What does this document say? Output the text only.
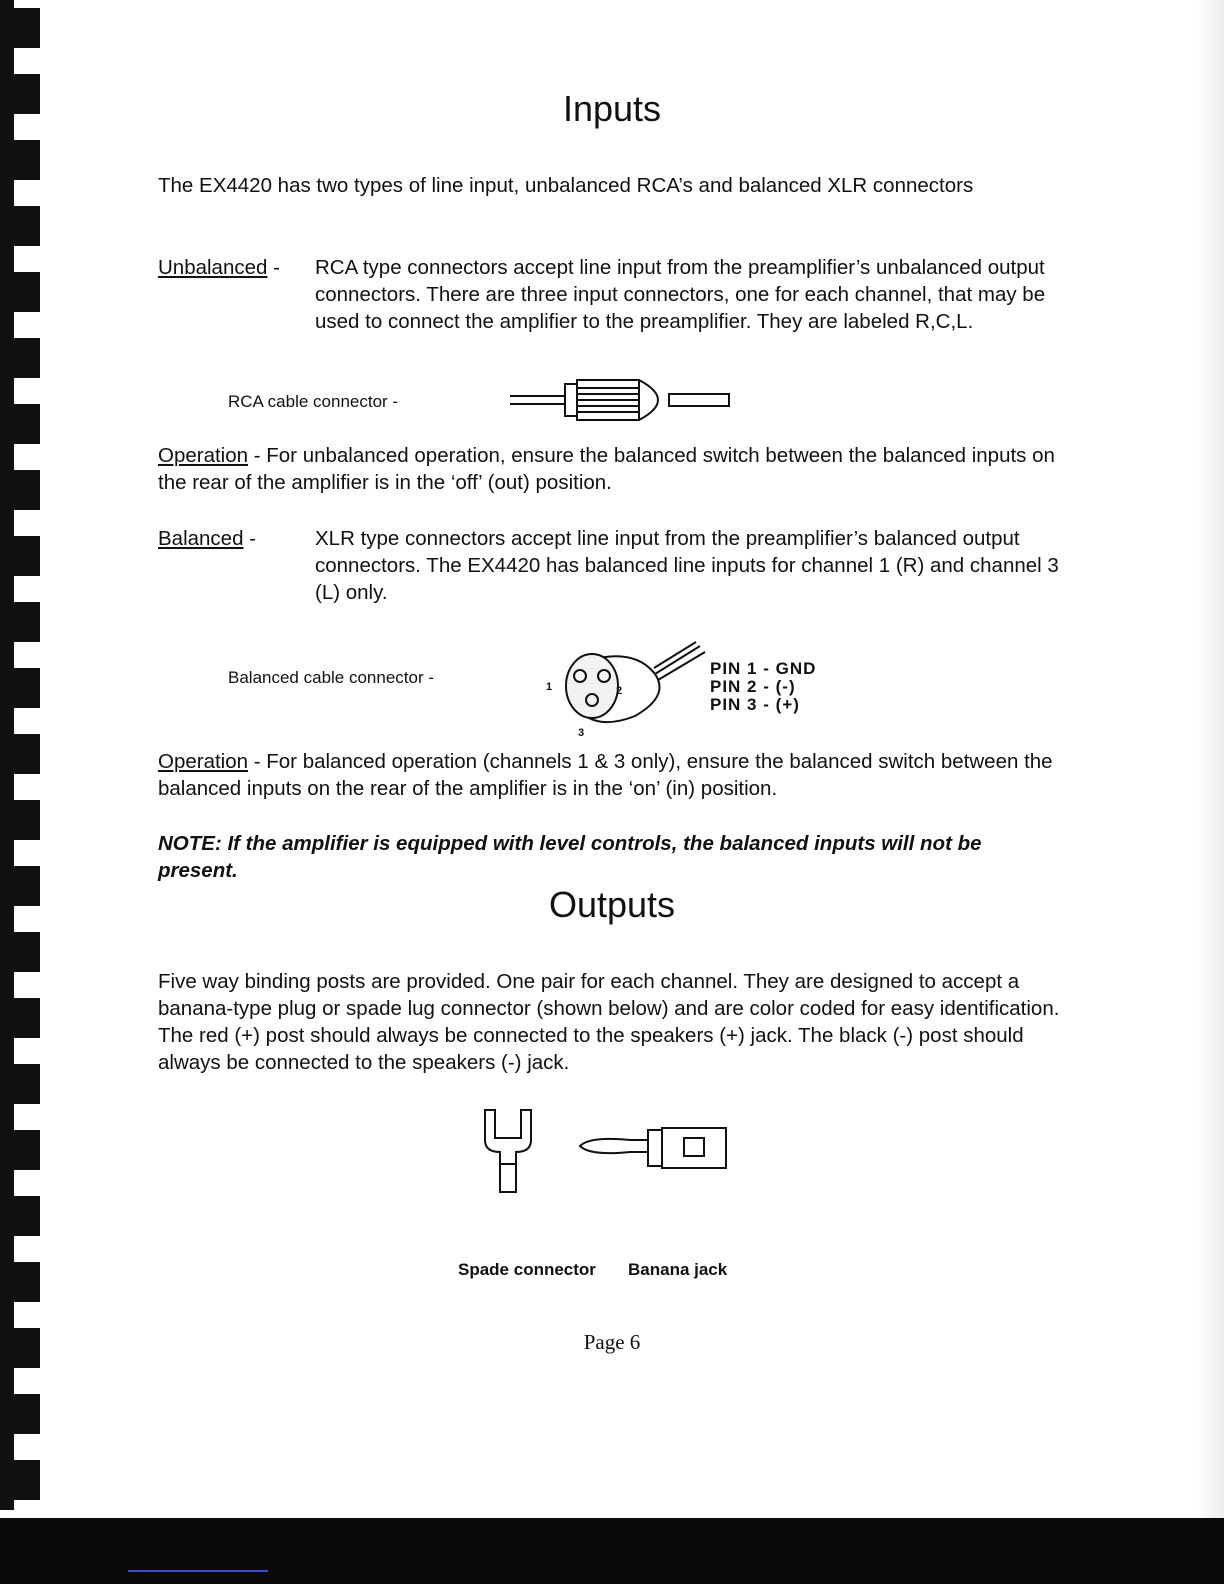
Inputs

The EX4420 has two types of line input, unbalanced RCA’s and balanced XLR connectors

Unbalanced - RCA type connectors accept line input from the preamplifier’s unbalanced output connectors. There are three input connectors, one for each channel, that may be used to connect the amplifier to the preamplifier. They are labeled R,C,L.

RCA cable connector -

Operation - For unbalanced operation, ensure the balanced switch between the balanced inputs on the rear of the amplifier is in the ‘off’ (out) position.

Balanced -	XLR type connectors accept line input from the preamplifier’s balanced output connectors. The EX4420 has balanced line inputs for channel 1 (R) and channel 3 (L) only.

Balanced cable connector -	1	2
3
PIN 1 - GND
PIN 2 - (-)
PIN 3 - (+)

Operation - For balanced operation (channels 1 & 3 only), ensure the balanced switch between the balanced inputs on the rear of the amplifier is in the ‘on’ (in) position.

NOTE: If the amplifier is equipped with level controls, the balanced inputs will not be present.

Outputs

Five way binding posts are provided. One pair for each channel. They are designed to accept a banana-type plug or spade lug connector (shown below) and are color coded for easy identification. The red (+) post should always be connected to the speakers (+) jack. The black (-) post should always be connected to the speakers (-) jack.

Spade connector Banana jack
Page 6
